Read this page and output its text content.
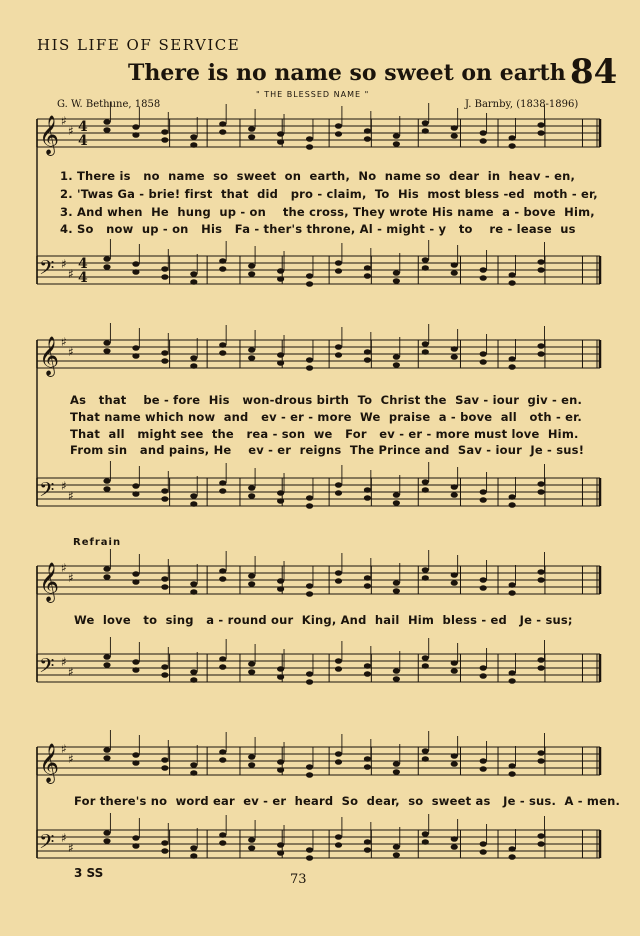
HIS LIFE OF SERVICE
There is no name so sweet on earth 84
" THE BLESSED NAME "
G. W. Bethune, 1858	J. Barnby, (1838-1896)
𝄞 ♯
♯
𝄢 ♯
♯
𝄞 ♯
♯
𝄢 ♯
♯
𝄞 ♯
♯
𝄢 ♯
♯
𝄞 ♯
♯
𝄢 ♯
♯
4
4
4
4
1. There is   no  name  so  sweet  on  earth,  No  name so  dear  in  heav - en,
2. 'Twas Ga - brie! first  that  did   pro - claim,  To  His  most bless -ed  moth - er,
3. And when  He  hung  up - on    the cross, They wrote His name  a - bove  Him,
4. So   now  up - on   His   Fa - ther's throne, Al - might - y   to    re - lease  us
As   that    be - fore  His   won-drous birth  To  Christ the  Sav - iour  giv - en.
That name which now  and   ev - er - more  We  praise  a - bove  all   oth - er.
That  all   might see  the   rea - son  we   For   ev - er - more must love  Him.
From sin   and pains, He    ev - er  reigns  The Prince and  Sav - iour  Je - sus!
Refrain
We  love   to  sing   a - round our  King, And  hail  Him  bless - ed   Je - sus;
For there's no  word ear  ev - er  heard  So  dear,  so  sweet as   Je - sus.  A - men.
3 SS	73
